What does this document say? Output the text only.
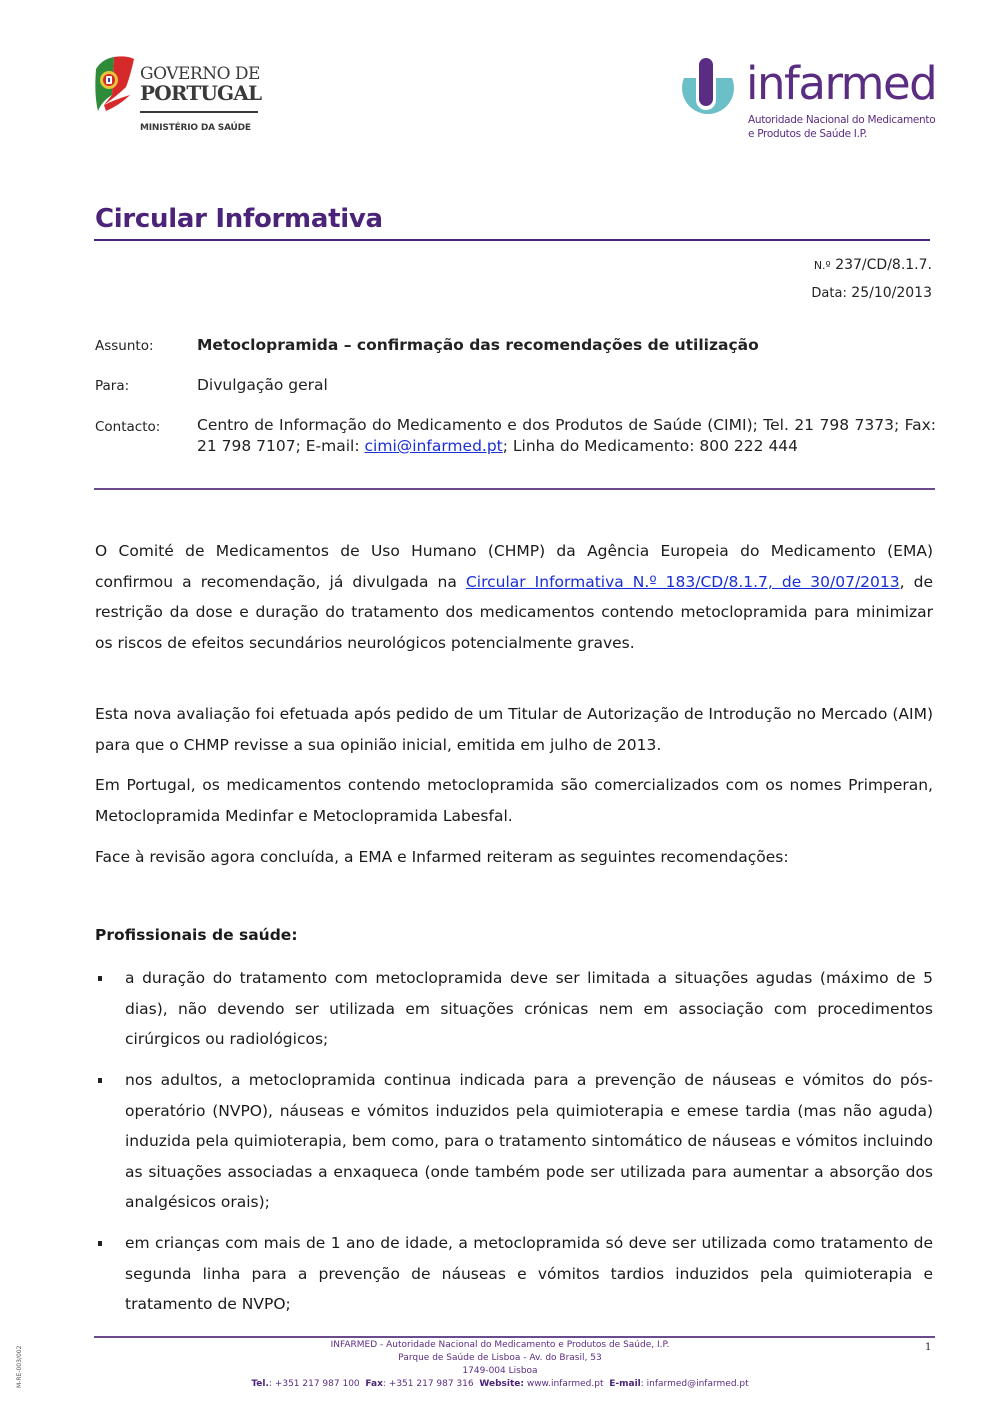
GOVERNO DE
PORTUGAL
MINISTÉRIO DA SAÚDE
infarmed
Autoridade Nacional do Medicamento
e Produtos de Saúde I.P.
Circular Informativa
N.º 237/CD/8.1.7.
Data: 25/10/2013
Assunto:	Metoclopramida – confirmação das recomendações de utilização
Para:	Divulgação geral
Contacto: Centro de Informação do Medicamento e dos Produtos de Saúde (CIMI); Tel. 21 798 7373; Fax: 21 798 7107; E-mail: cimi@infarmed.pt; Linha do Medicamento: 800 222 444
O Comité de Medicamentos de Uso Humano (CHMP) da Agência Europeia do Medicamento (EMA) confirmou a recomendação, já divulgada na Circular Informativa N.º 183/CD/8.1.7, de 30/07/2013, de restrição da dose e duração do tratamento dos medicamentos contendo metoclopramida para minimizar os riscos de efeitos secundários neurológicos potencialmente graves.
Esta nova avaliação foi efetuada após pedido de um Titular de Autorização de Introdução no Mercado (AIM) para que o CHMP revisse a sua opinião inicial, emitida em julho de 2013.
Em Portugal, os medicamentos contendo metoclopramida são comercializados com os nomes Primperan, Metoclopramida Medinfar e Metoclopramida Labesfal.
Face à revisão agora concluída, a EMA e Infarmed reiteram as seguintes recomendações:
Profissionais de saúde:
a duração do tratamento com metoclopramida deve ser limitada a situações agudas (máximo de 5 dias), não devendo ser utilizada em situações crónicas nem em associação com procedimentos cirúrgicos ou radiológicos;
nos adultos, a metoclopramida continua indicada para a prevenção de náuseas e vómitos do pós-operatório (NVPO), náuseas e vómitos induzidos pela quimioterapia e emese tardia (mas não aguda) induzida pela quimioterapia, bem como, para o tratamento sintomático de náuseas e vómitos incluindo as situações associadas a enxaqueca (onde também pode ser utilizada para aumentar a absorção dos analgésicos orais);
em crianças com mais de 1 ano de idade, a metoclopramida só deve ser utilizada como tratamento de segunda linha para a prevenção de náuseas e vómitos tardios induzidos pela quimioterapia e tratamento de NVPO;
INFARMED - Autoridade Nacional do Medicamento e Produtos de Saúde, I.P.
Parque de Saúde de Lisboa - Av. do Brasil, 53
1749-004 Lisboa
Tel.: +351 217 987 100 Fax: +351 217 987 316 Website: www.infarmed.pt E-mail: infarmed@infarmed.pt
1
M-RE-003/002
